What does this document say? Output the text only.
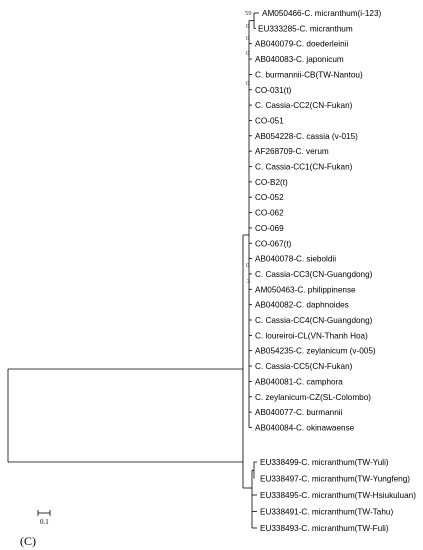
AM050466-C. micranthum(i-123)
EU333285-C. micranthum
AB040079-C. doederleinii
AB040083-C. japonicum
C. burmannii-CB(TW-Nantou)
CO-031(t)
C. Cassia-CC2(CN-Fukan)
CO-051
AB054228-C. cassia (v-015)
AF268709-C. verum
C. Cassia-CC1(CN-Fukan)
CO-B2(t)
CO-052
CO-062
CO-069
CO-067(t)
AB040078-C. sieboldii
C. Cassia-CC3(CN-Guangdong)
AM050463-C. philippinense
AB040082-C. daphnoides
C. Cassia-CC4(CN-Guangdong)
C. loureiroi-CL(VN-Thanh Hoa)
AB054235-C. zeylanicum (v-005)
C. Cassia-CC5(CN-Fukan)
AB040081-C. camphora
C. zeylanicum-CZ(SL-Colombo)
AB040077-C. burmannii
AB040084-C. okinawaense
EU338499-C. micranthum(TW-Yuli)
EU338497-C. micranthum(TW-Yungfeng)
EU338495-C. micranthum(TW-Hsiukuluan)
EU338491-C. micranthum(TW-Tahu)
EU338493-C. micranthum(TW-Fuli)
59
0
0
0
0
0
3
0.1
(C)
